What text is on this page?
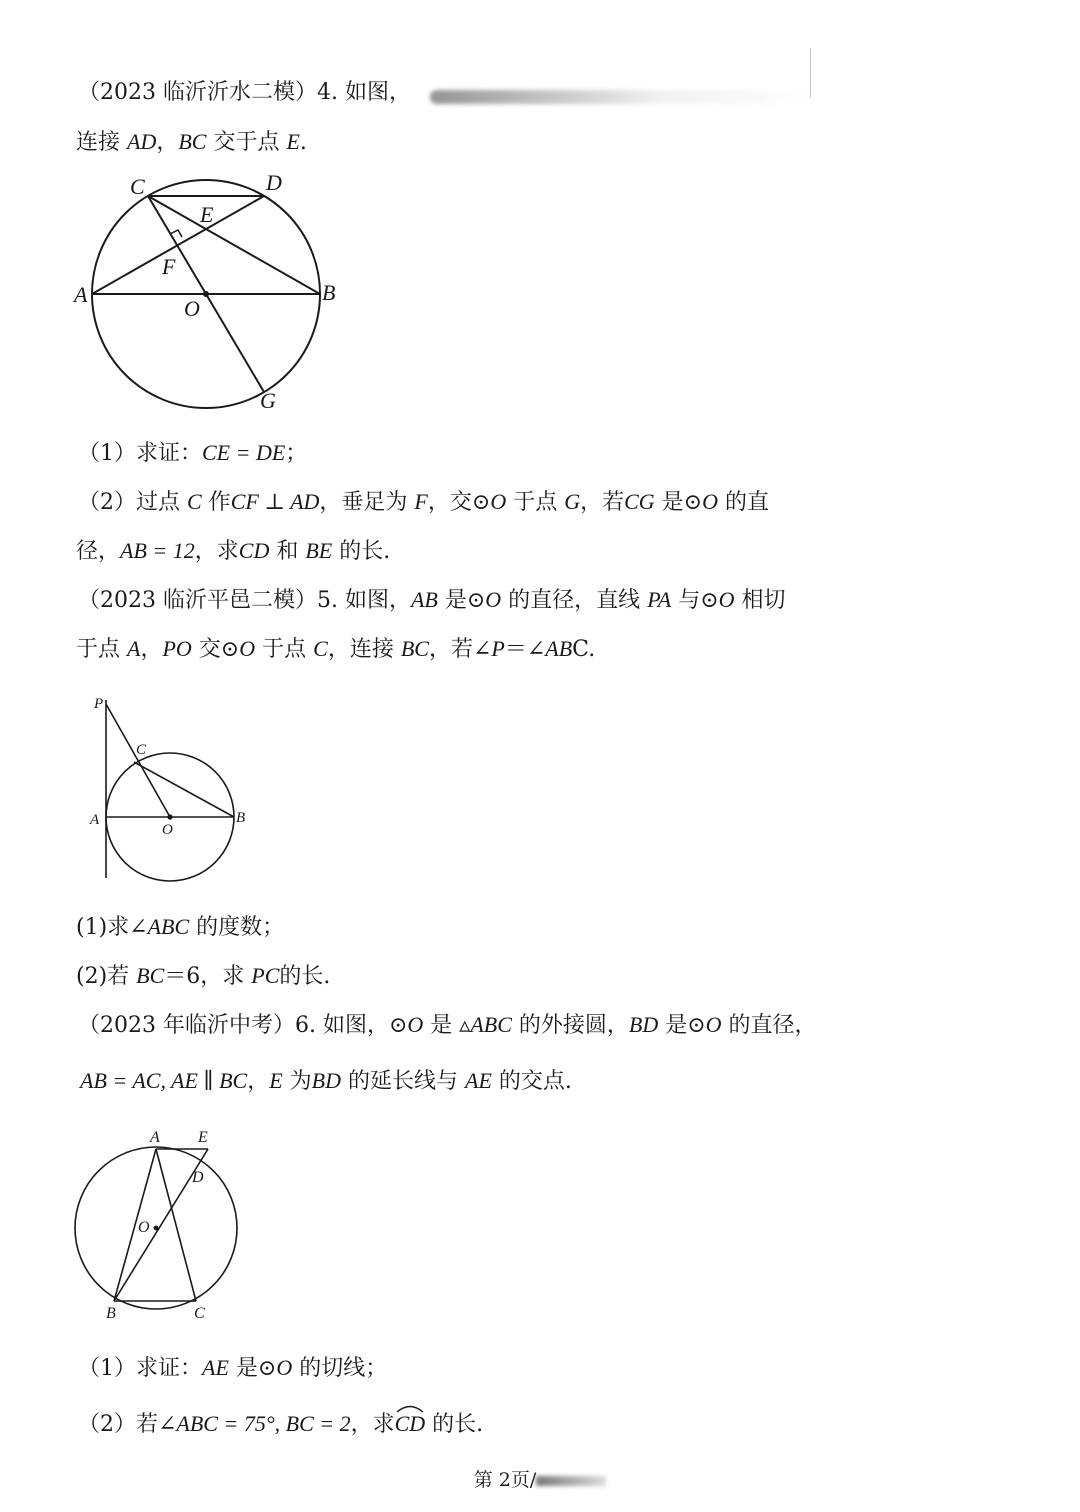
（2023 临沂沂水二模）4. 如图，
连接 AD，BC 交于点 E.
C	D
E
F
A
O
B
G
（1）求证：CE = DE；
（2）过点 C 作CF ⊥ AD，垂足为 F，交⊙O 于点 G，若CG 是⊙O 的直
径，AB = 12，求CD 和 BE 的长.
（2023 临沂平邑二模）5. 如图，AB 是⊙O 的直径，直线 PA 与⊙O 相切
于点 A，PO 交⊙O 于点 C，连接 BC，若∠P＝∠ABC.
P
C
A
O
B
(1)求∠ABC 的度数；
(2)若 BC＝6，求 PC的长.
（2023 年临沂中考）6. 如图，⊙O 是 ▵ABC 的外接圆，BD 是⊙O 的直径，
AB = AC, AE ∥ BC，E 为BD 的延长线与 AE 的交点.
A E
D
O
B	C
（1）求证：AE 是⊙O 的切线；
（2）若∠ABC = 75°, BC = 2，求CD
的长.
第 2页/
